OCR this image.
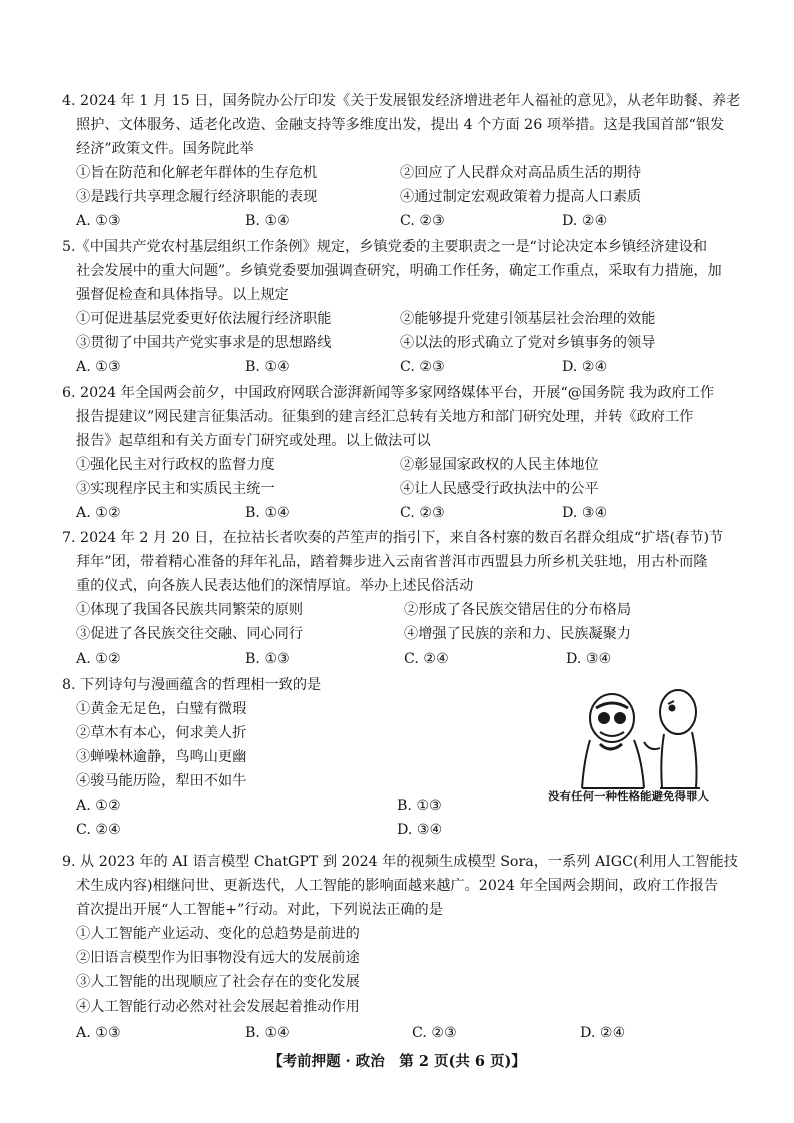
4. 2024 年 1 月 15 日，国务院办公厅印发《关于发展银发经济增进老年人福祉的意见》，从老年助餐、养老
照护、文体服务、适老化改造、金融支持等多维度出发，提出 4 个方面 26 项举措。这是我国首部“银发
经济”政策文件。国务院此举
①旨在防范和化解老年群体的生存危机	②回应了人民群众对高品质生活的期待
③是践行共享理念履行经济职能的表现	④通过制定宏观政策着力提高人口素质
A. ①③	B. ①④	C. ②③	D. ②④
5.《中国共产党农村基层组织工作条例》规定，乡镇党委的主要职责之一是“讨论决定本乡镇经济建设和
社会发展中的重大问题”。乡镇党委要加强调查研究，明确工作任务，确定工作重点，采取有力措施，加
强督促检查和具体指导。以上规定
①可促进基层党委更好依法履行经济职能	②能够提升党建引领基层社会治理的效能
③贯彻了中国共产党实事求是的思想路线	④以法的形式确立了党对乡镇事务的领导
A. ①③	B. ①④	C. ②③	D. ②④
6. 2024 年全国两会前夕，中国政府网联合澎湃新闻等多家网络媒体平台，开展“@国务院 我为政府工作
报告提建议”网民建言征集活动。征集到的建言经汇总转有关地方和部门研究处理，并转《政府工作
报告》起草组和有关方面专门研究或处理。以上做法可以
①强化民主对行政权的监督力度	②彰显国家政权的人民主体地位
③实现程序民主和实质民主统一	④让人民感受行政执法中的公平
A. ①②	B. ①④	C. ②③	D. ③④
7. 2024 年 2 月 20 日，在拉祜长者吹奏的芦笙声的指引下，来自各村寨的数百名群众组成“扩塔(春节)节
拜年”团，带着精心准备的拜年礼品，踏着舞步进入云南省普洱市西盟县力所乡机关驻地，用古朴而隆
重的仪式，向各族人民表达他们的深情厚谊。举办上述民俗活动
①体现了我国各民族共同繁荣的原则	②形成了各民族交错居住的分布格局
③促进了各民族交往交融、同心同行	④增强了民族的亲和力、民族凝聚力
A. ①②	B. ①③	C. ②④	D. ③④
8. 下列诗句与漫画蕴含的哲理相一致的是
①黄金无足色，白璧有微瑕
②草木有本心，何求美人折
③蝉噪林逾静，鸟鸣山更幽
④骏马能历险，犁田不如牛
A. ①②	B. ①③
C. ②④	D. ③④
没有任何一种性格能避免得罪人
9. 从 2023 年的 AI 语言模型 ChatGPT 到 2024 年的视频生成模型 Sora，一系列 AIGC(利用人工智能技
术生成内容)相继问世、更新迭代，人工智能的影响面越来越广。2024 年全国两会期间，政府工作报告
首次提出开展“人工智能+”行动。对此，下列说法正确的是
①人工智能产业运动、变化的总趋势是前进的
②旧语言模型作为旧事物没有远大的发展前途
③人工智能的出现顺应了社会存在的变化发展
④人工智能行动必然对社会发展起着推动作用
A. ①③	B. ①④	C. ②③	D. ②④
【考前押题 · 政治　第 2 页(共 6 页)】
